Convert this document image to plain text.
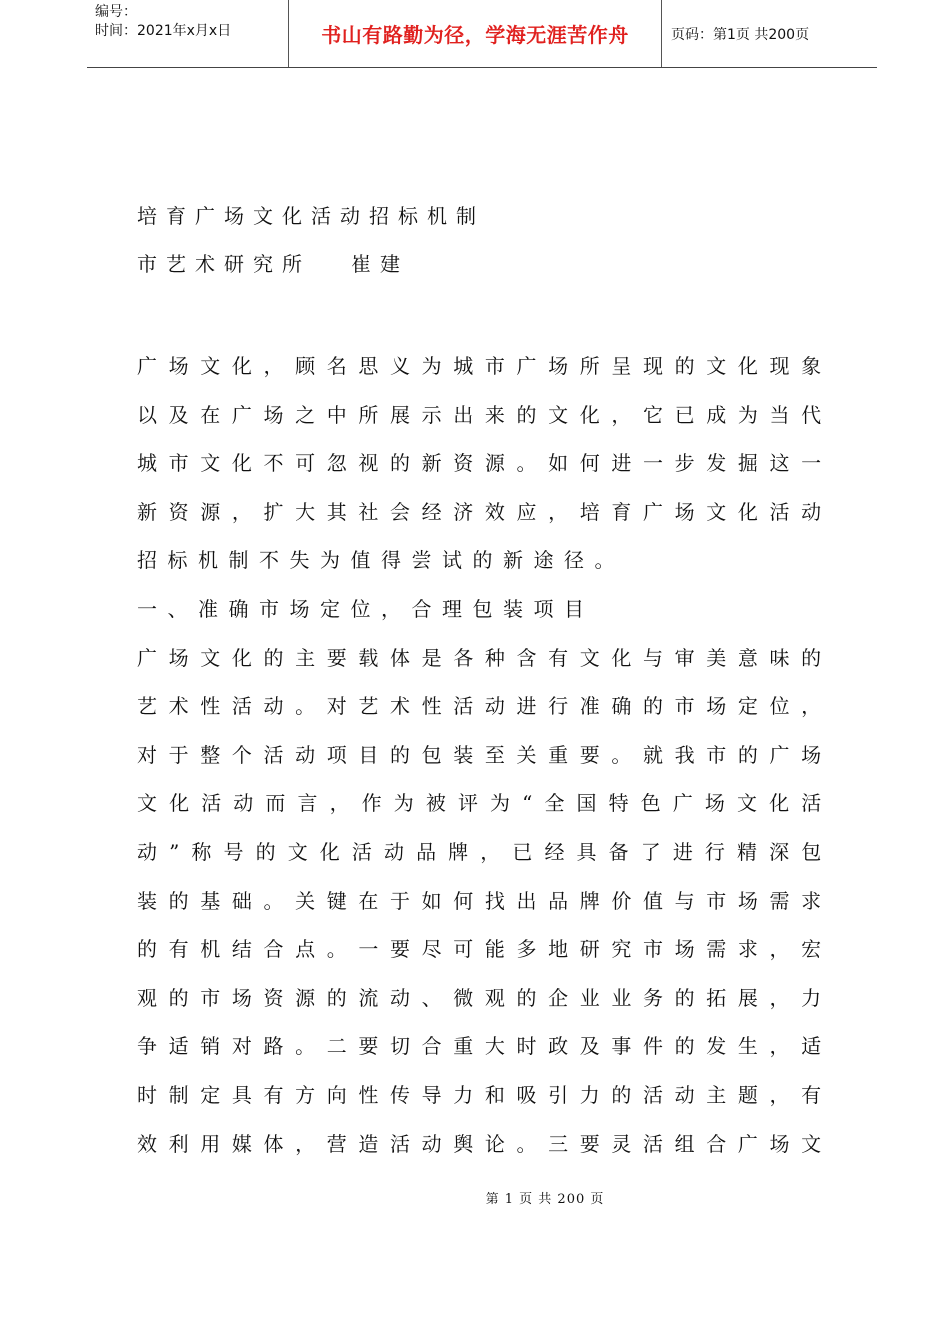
编号：
时间：2021年x月x日	书山有路勤为径，学海无涯苦作舟	页码：第1页 共200页
培育广场文化活动招标机制
市艺术研究所 崔建
广 场 文 化 ， 顾 名 思 义 为 城 市 广 场 所 呈 现 的 文 化 现 象
以 及 在 广 场 之 中 所 展 示 出 来 的 文 化 ， 它 已 成 为 当 代
城 市 文 化 不 可 忽 视 的 新 资 源 。 如 何 进 一 步 发 掘 这 一
新 资 源 ， 扩 大 其 社 会 经 济 效 应 ， 培 育 广 场 文 化 活 动
招标机制不失为值得尝试的新途径。
一、准确市场定位，合理包装项目
广 场 文 化 的 主 要 载 体 是 各 种 含 有 文 化 与 审 美 意 味 的
艺 术 性 活 动 。 对 艺 术 性 活 动 进 行 准 确 的 市 场 定 位 ，
对 于 整 个 活 动 项 目 的 包 装 至 关 重 要 。 就 我 市 的 广 场
文 化 活 动 而 言 ， 作 为 被 评 为 “ 全 国 特 色 广 场 文 化 活
动 ” 称 号 的 文 化 活 动 品 牌 ， 已 经 具 备 了 进 行 精 深 包
装 的 基 础 。 关 键 在 于 如 何 找 出 品 牌 价 值 与 市 场 需 求
的 有 机 结 合 点 。 一 要 尽 可 能 多 地 研 究 市 场 需 求 ， 宏
观 的 市 场 资 源 的 流 动 、 微 观 的 企 业 业 务 的 拓 展 ， 力
争 适 销 对 路 。 二 要 切 合 重 大 时 政 及 事 件 的 发 生 ， 适
时 制 定 具 有 方 向 性 传 导 力 和 吸 引 力 的 活 动 主 题 ， 有
效 利 用 媒 体 ， 营 造 活 动 舆 论 。 三 要 灵 活 组 合 广 场 文
第 1 页 共 200 页
